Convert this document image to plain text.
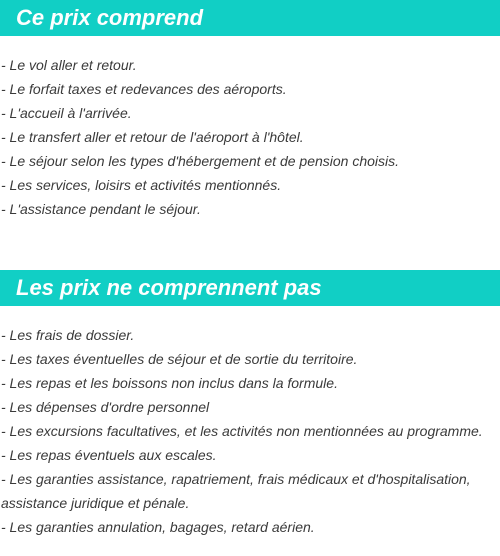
Ce prix comprend
- Le vol aller et retour.
- Le forfait taxes et redevances des aéroports.
- L'accueil à l'arrivée.
- Le transfert aller et retour de l'aéroport à l'hôtel.
- Le séjour selon les types d'hébergement et de pension choisis.
- Les services, loisirs et activités mentionnés.
- L'assistance pendant le séjour.
Les prix ne comprennent pas
- Les frais de dossier.
- Les taxes éventuelles de séjour et de sortie du territoire.
- Les repas et les boissons non inclus dans la formule.
- Les dépenses d'ordre personnel
- Les excursions facultatives, et les activités non mentionnées au programme.
- Les repas éventuels aux escales.
- Les garanties assistance, rapatriement, frais médicaux et d'hospitalisation, assistance juridique et pénale.
- Les garanties annulation, bagages, retard aérien.
